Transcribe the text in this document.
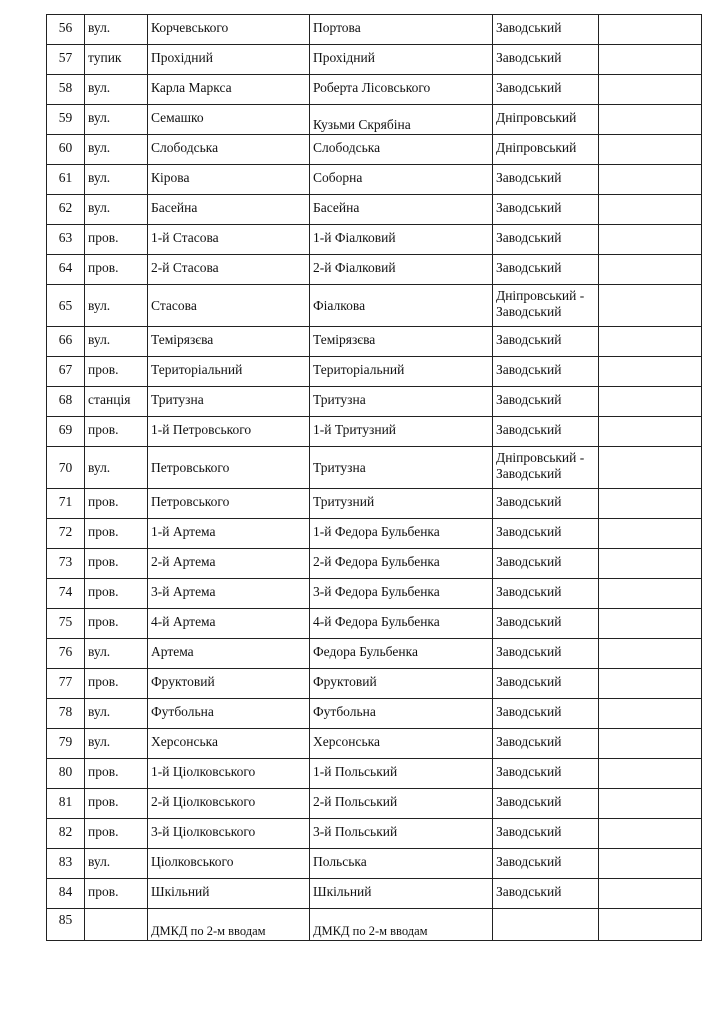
56	вул.	Корчевського	Портова	Заводський	

57	тупик	Прохідний	Прохідний	Заводський	

58	вул.	Карла Маркса	Роберта Лісовського	Заводський	

59	вул.	Семашко	Кузьми Скрябіна	Дніпровський	

60	вул.	Слободська	Слободська	Дніпровський	

61	вул.	Кірова	Соборна	Заводський	

62	вул.	Басейна	Басейна	Заводський	

63	пров.	1-й Стасова	1-й Фіалковий	Заводський	

64	пров.	2-й Стасова	2-й Фіалковий	Заводський	

65	вул.	Стасова	Фіалкова	Дніпровський - Заводський	

66	вул.	Темірязєва	Темірязєва	Заводський	

67	пров.	Територіальний	Територіальний	Заводський	

68	станція	Тритузна	Тритузна	Заводський	

69	пров.	1-й Петровського	1-й Тритузний	Заводський	

70	вул.	Петровського	Тритузна	Дніпровський - Заводський	

71	пров.	Петровського	Тритузний	Заводський	

72	пров.	1-й Артема	1-й Федора Бульбенка	Заводський	

73	пров.	2-й Артема	2-й Федора Бульбенка	Заводський	

74	пров.	3-й Артема	3-й Федора Бульбенка	Заводський	

75	пров.	4-й Артема	4-й Федора Бульбенка	Заводський	

76	вул.	Артема	Федора Бульбенка	Заводський	

77	пров.	Фруктовий	Фруктовий	Заводський	

78	вул.	Футбольна	Футбольна	Заводський	

79	вул.	Херсонська	Херсонська	Заводський	

80	пров.	1-й Ціолковського	1-й Польський	Заводський	

81	пров.	2-й Ціолковського	2-й Польський	Заводський	

82	пров.	3-й Ціолковського	3-й Польський	Заводський	

83	вул.	Ціолковського	Польська	Заводський	

84	пров.	Шкільний	Шкільний	Заводський	

85		ДМКД по 2-м вводам	ДМКД по 2-м вводам		
